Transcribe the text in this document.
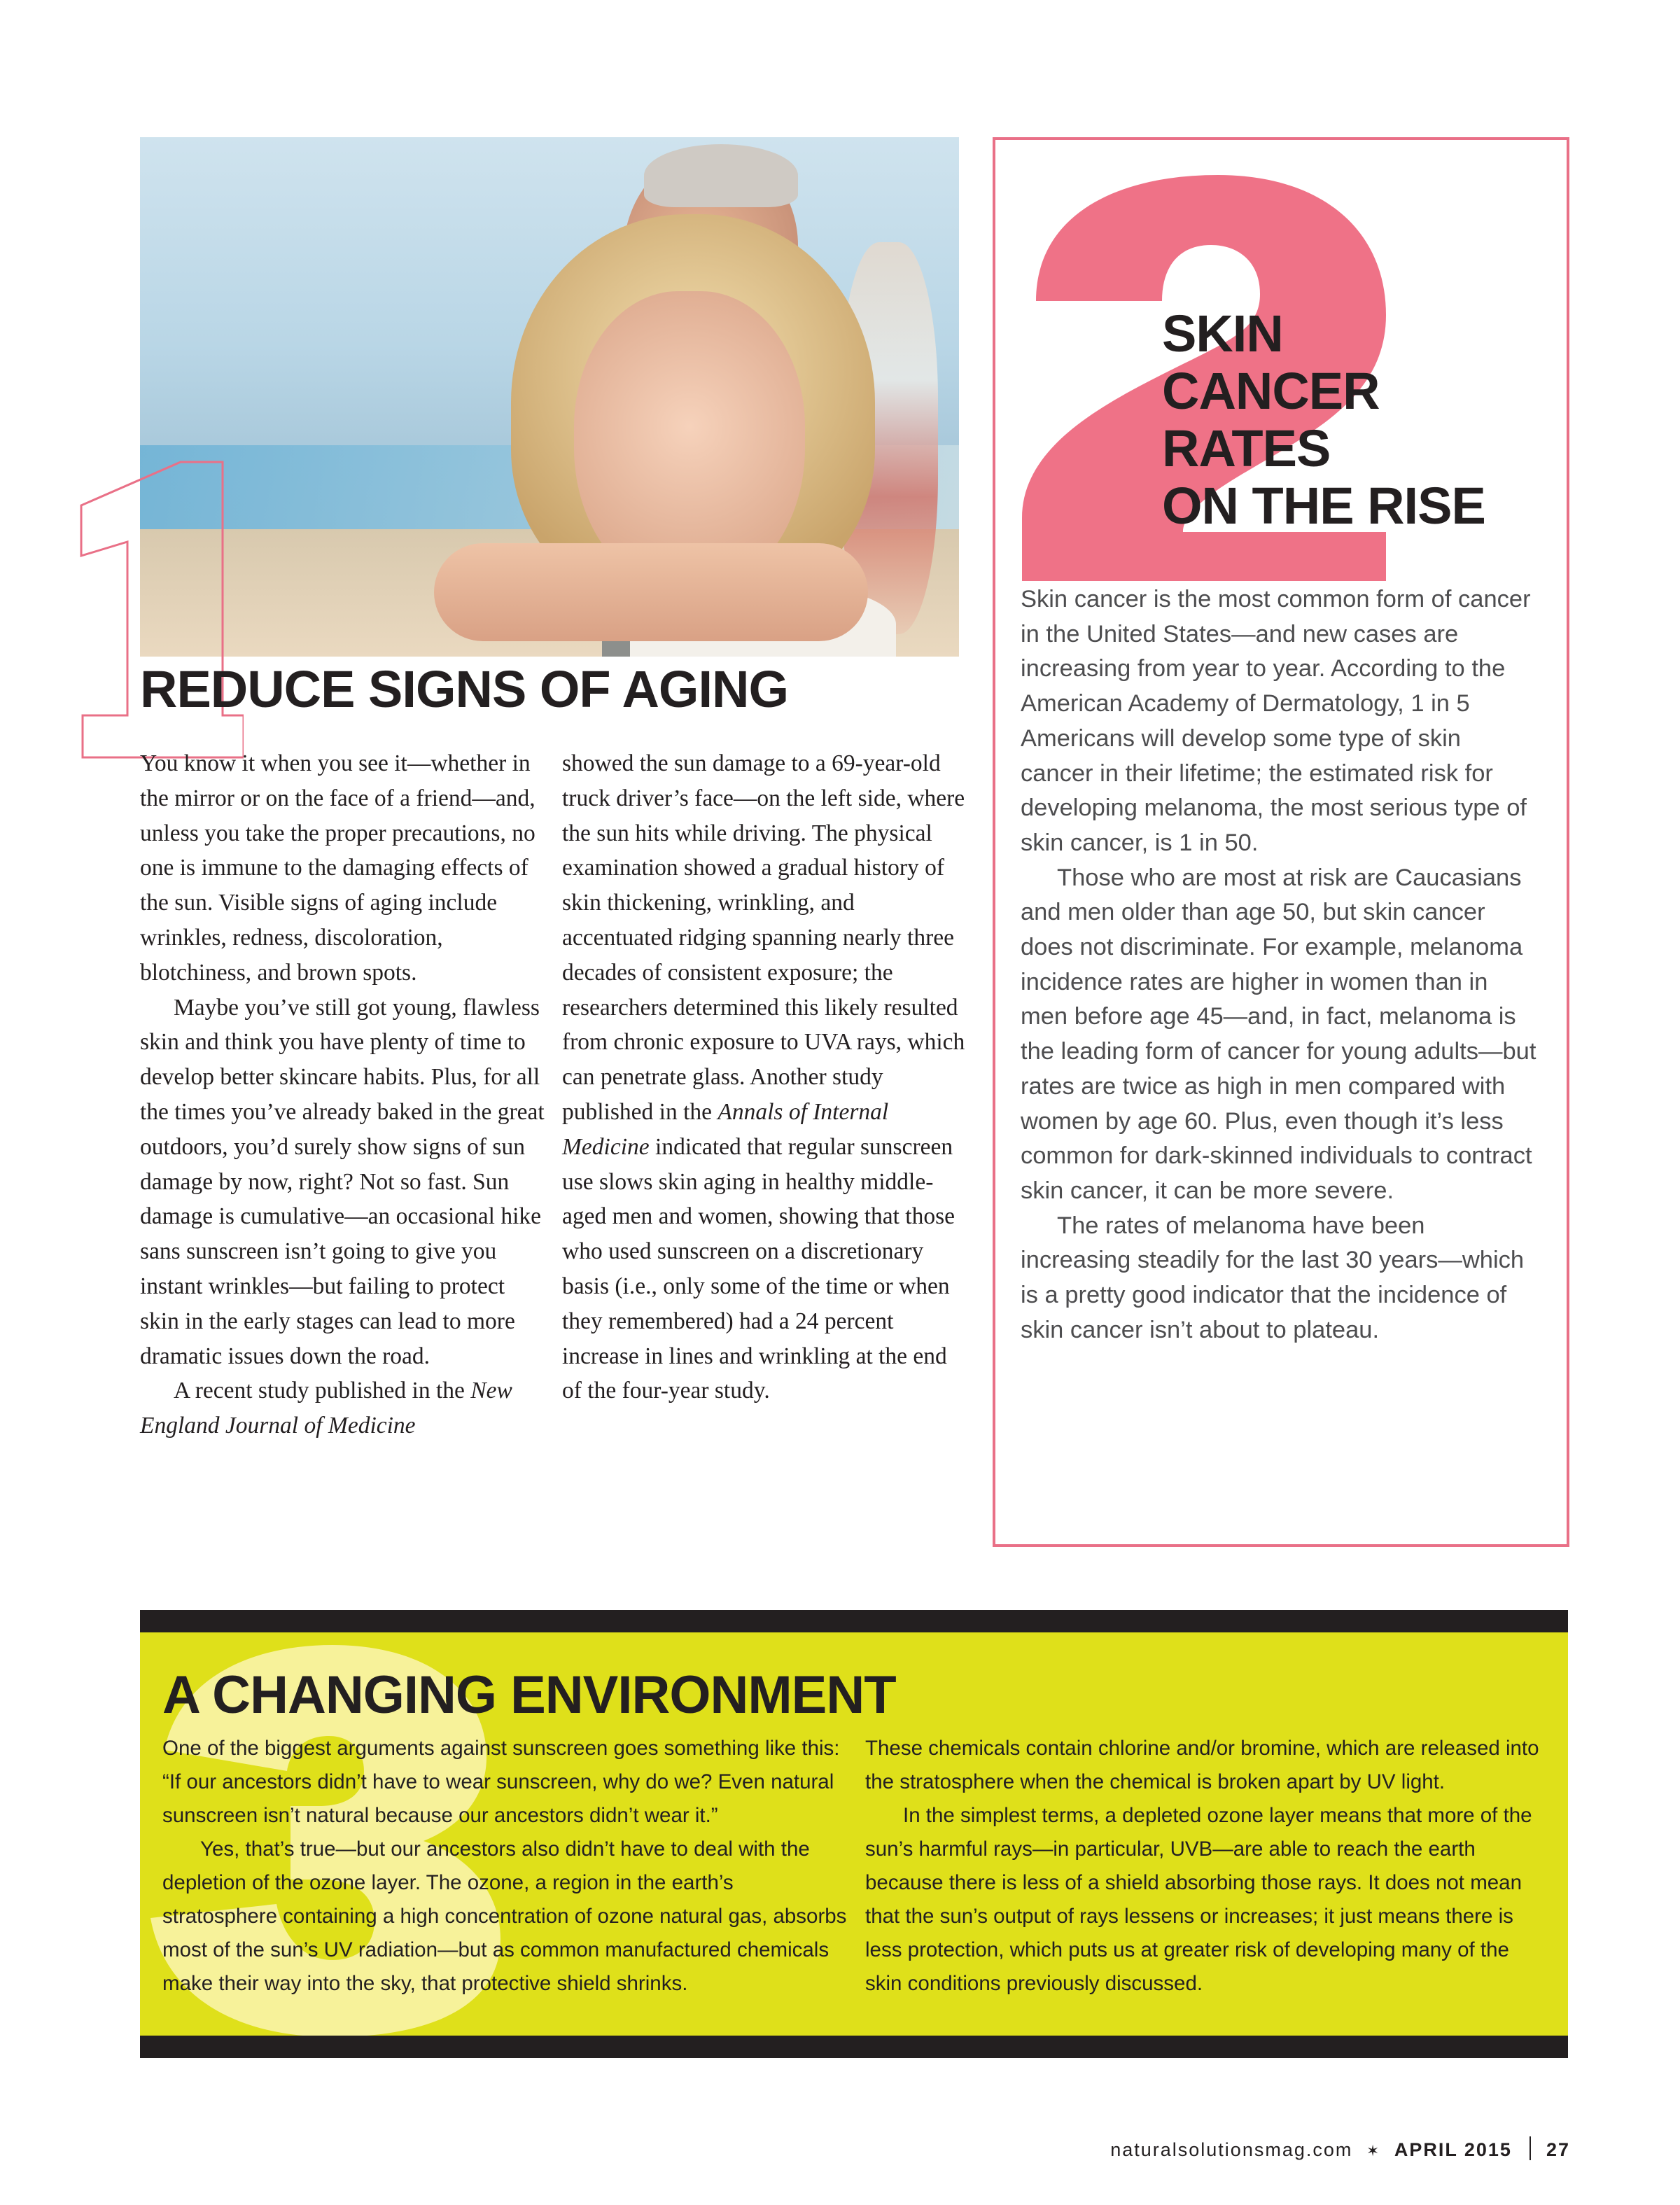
REDUCE SIGNS OF AGING

You know it when you see it—whether in the mirror or on the face of a friend—and, unless you take the proper precautions, no one is immune to the damaging effects of the sun. Visible signs of aging include wrinkles, redness, discoloration, blotchiness, and brown spots.

Maybe you’ve still got young, flawless skin and think you have plenty of time to develop better skincare habits. Plus, for all the times you’ve already baked in the great outdoors, you’d surely show signs of sun damage by now, right? Not so fast. Sun damage is cumulative—an occasional hike sans sunscreen isn’t going to give you instant wrinkles—but failing to protect skin in the early stages can lead to more dramatic issues down the road.

A recent study published in the New England Journal of Medicine

showed the sun damage to a 69-year-old truck driver’s face—on the left side, where the sun hits while driving. The physical examination showed a gradual history of skin thickening, wrinkling, and accentuated ridging spanning nearly three decades of consistent exposure; the researchers determined this likely resulted from chronic exposure to UVA rays, which can penetrate glass. Another study published in the Annals of Internal Medicine indicated that regular sunscreen use slows skin aging in healthy middle-aged men and women, showing that those who used sunscreen on a discretionary basis (i.e., only some of the time or when they remembered) had a 24 percent increase in lines and wrinkling at the end of the four-year study.

SKIN
CANCER
RATES
ON THE RISE

Skin cancer is the most common form of cancer in the United States—and new cases are increasing from year to year. According to the American Academy of Dermatology, 1 in 5 Americans will develop some type of skin cancer in their lifetime; the estimated risk for developing melanoma, the most serious type of skin cancer, is 1 in 50.

Those who are most at risk are Caucasians and men older than age 50, but skin cancer does not discriminate. For example, melanoma incidence rates are higher in women than in men before age 45—and, in fact, melanoma is the leading form of cancer for young adults—but rates are twice as high in men compared with women by age 60. Plus, even though it’s less common for dark-skinned individuals to contract skin cancer, it can be more severe.

The rates of melanoma have been increasing steadily for the last 30 years—which is a pretty good indicator that the incidence of skin cancer isn’t about to plateau.

A CHANGING ENVIRONMENT

One of the biggest arguments against sunscreen goes something like this: “If our ancestors didn’t have to wear sunscreen, why do we? Even natural sunscreen isn’t natural because our ancestors didn’t wear it.”

Yes, that’s true—but our ancestors also didn’t have to deal with the depletion of the ozone layer. The ozone, a region in the earth’s stratosphere containing a high concentration of ozone natural gas, absorbs most of the sun’s UV radiation—but as common manufactured chemicals make their way into the sky, that protective shield shrinks.

These chemicals contain chlorine and/or bromine, which are released into the stratosphere when the chemical is broken apart by UV light.

In the simplest terms, a depleted ozone layer means that more of the sun’s harmful rays—in particular, UVB—are able to reach the earth because there is less of a shield absorbing those rays. It does not mean that the sun’s output of rays lessens or increases; it just means there is less protection, which puts us at greater risk of developing many of the skin conditions previously discussed.

naturalsolutionsmag.com ✶ APRIL 2015 27
